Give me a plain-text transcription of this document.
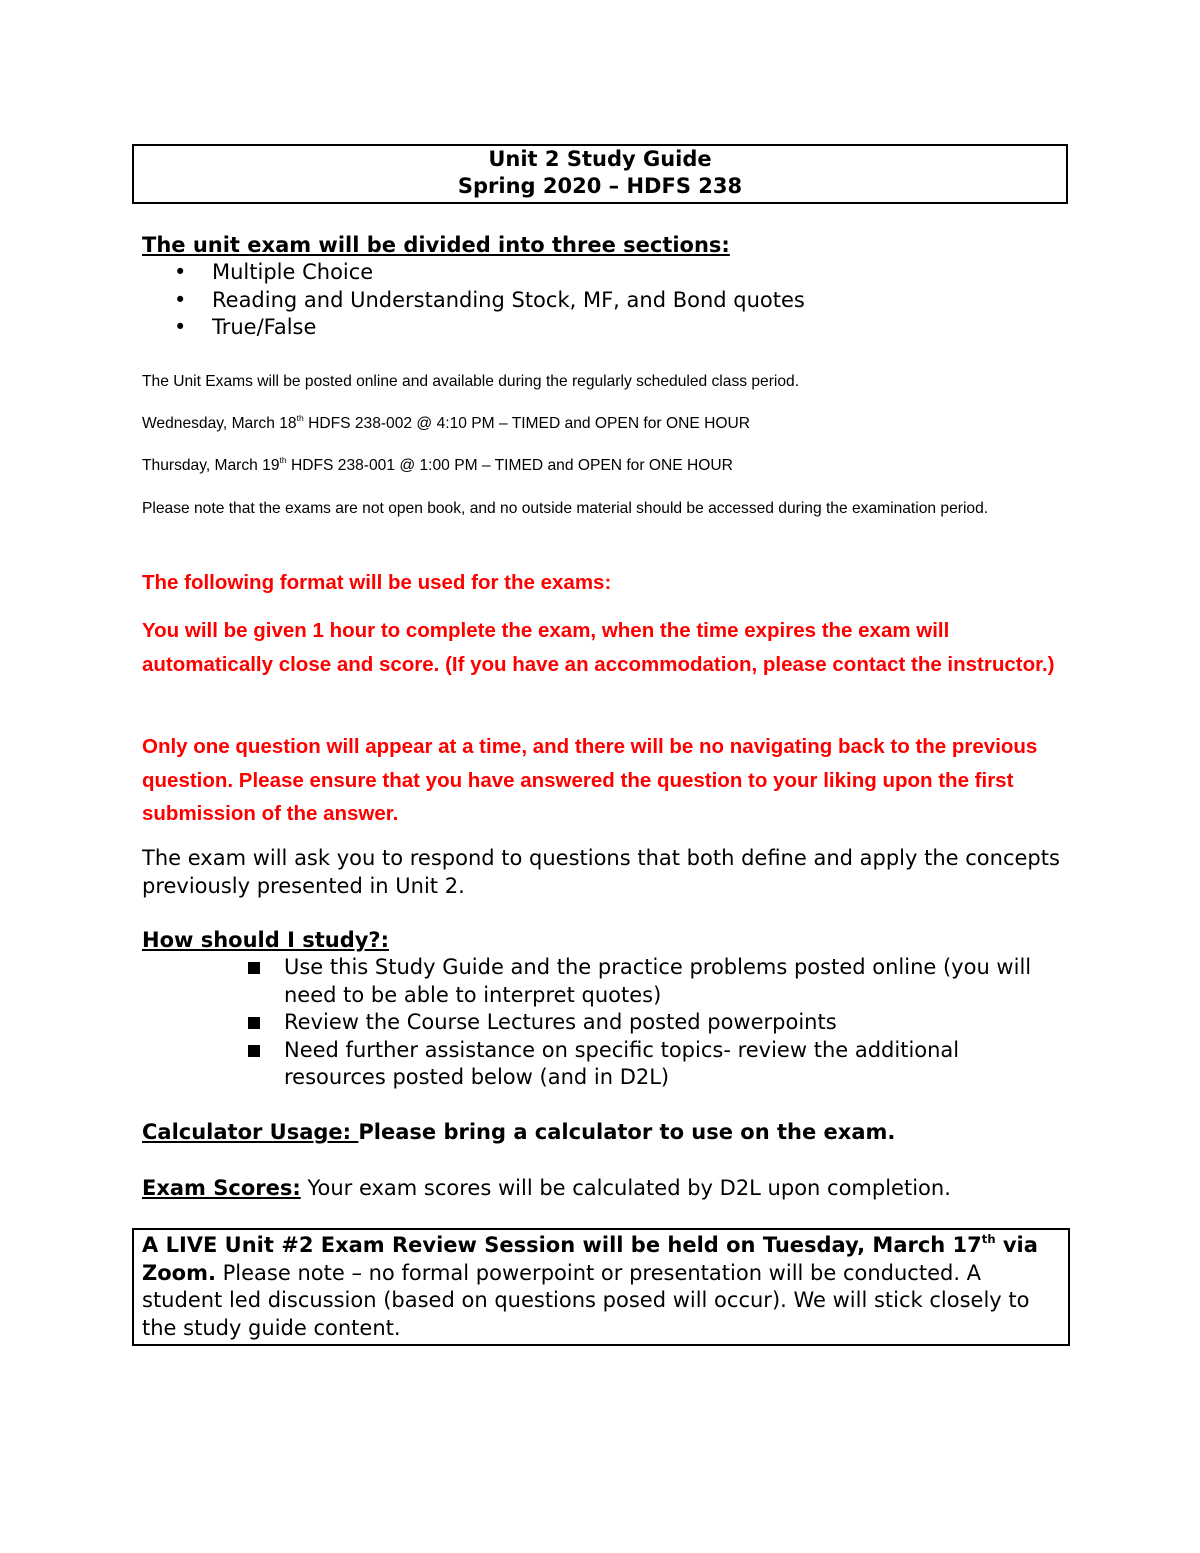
Unit 2 Study Guide
Spring 2020 – HDFS 238

The unit exam will be divided into three sections:

• Multiple Choice
• Reading and Understanding Stock, MF, and Bond quotes
• True/False

The Unit Exams will be posted online and available during the regularly scheduled class period.

Wednesday, March 18th HDFS 238-002 @ 4:10 PM – TIMED and OPEN for ONE HOUR

Thursday, March 19th HDFS 238-001 @ 1:00 PM – TIMED and OPEN for ONE HOUR

Please note that the exams are not open book, and no outside material should be accessed during the examination period.

The following format will be used for the exams:

You will be given 1 hour to complete the exam, when the time expires the exam will automatically close and score. (If you have an accommodation, please contact the instructor.)

Only one question will appear at a time, and there will be no navigating back to the previous question. Please ensure that you have answered the question to your liking upon the first submission of the answer.

The exam will ask you to respond to questions that both define and apply the concepts previously presented in Unit 2.

How should I study?:

Use this Study Guide and the practice problems posted online (you will need to be able to interpret quotes)
Review the Course Lectures and posted powerpoints
Need further assistance on specific topics- review the additional resources posted below (and in D2L)

Calculator Usage: Please bring a calculator to use on the exam.

Exam Scores: Your exam scores will be calculated by D2L upon completion.

A LIVE Unit #2 Exam Review Session will be held on Tuesday, March 17th via Zoom. Please note – no formal powerpoint or presentation will be conducted. A student led discussion (based on questions posed will occur). We will stick closely to the study guide content.
